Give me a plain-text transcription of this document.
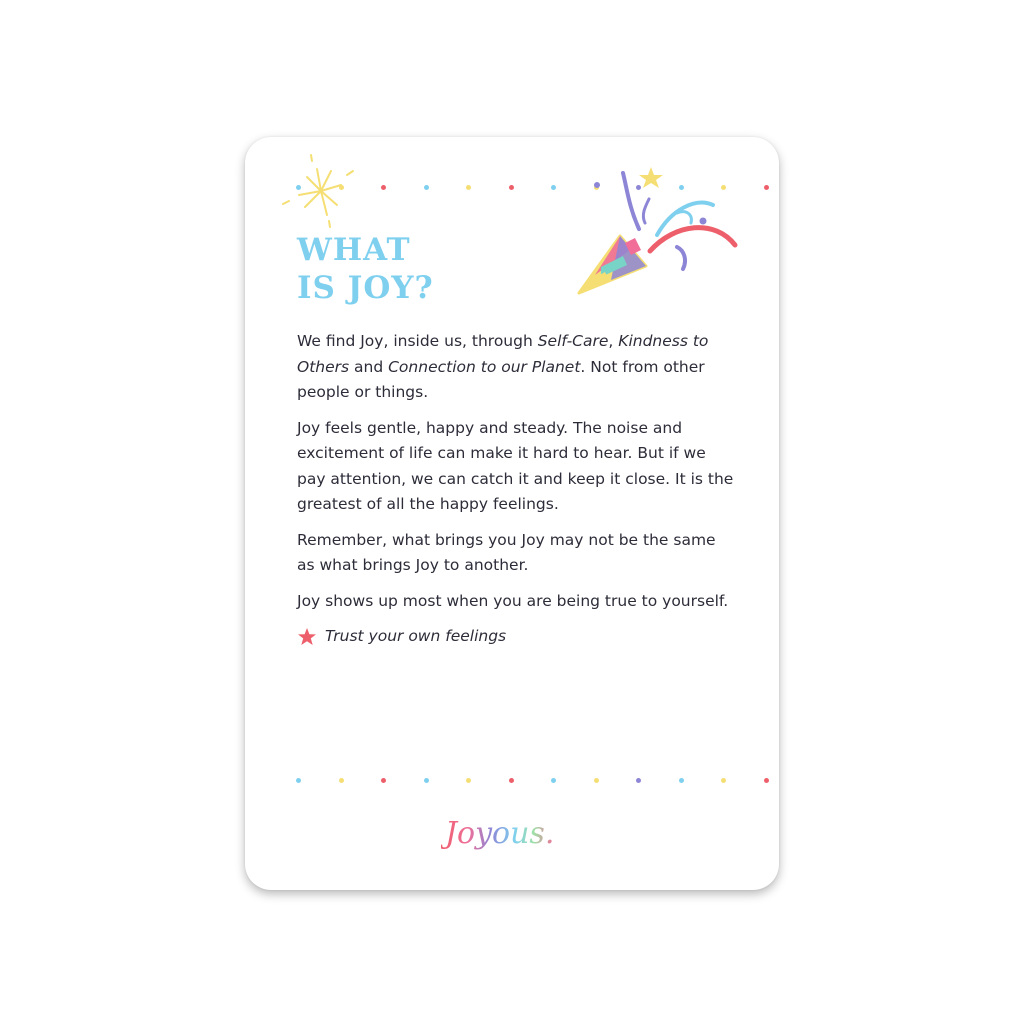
WHAT
IS JOY?

We find Joy, inside us, through Self-Care, Kindness to Others and Connection to our Planet. Not from other people or things.

Joy feels gentle, happy and steady. The noise and excitement of life can make it hard to hear. But if we pay attention, we can catch it and keep it close. It is the greatest of all the happy feelings.

Remember, what brings you Joy may not be the same as what brings Joy to another.

Joy shows up most when you are being true to yourself.

Trust your own feelings
Joyous.
